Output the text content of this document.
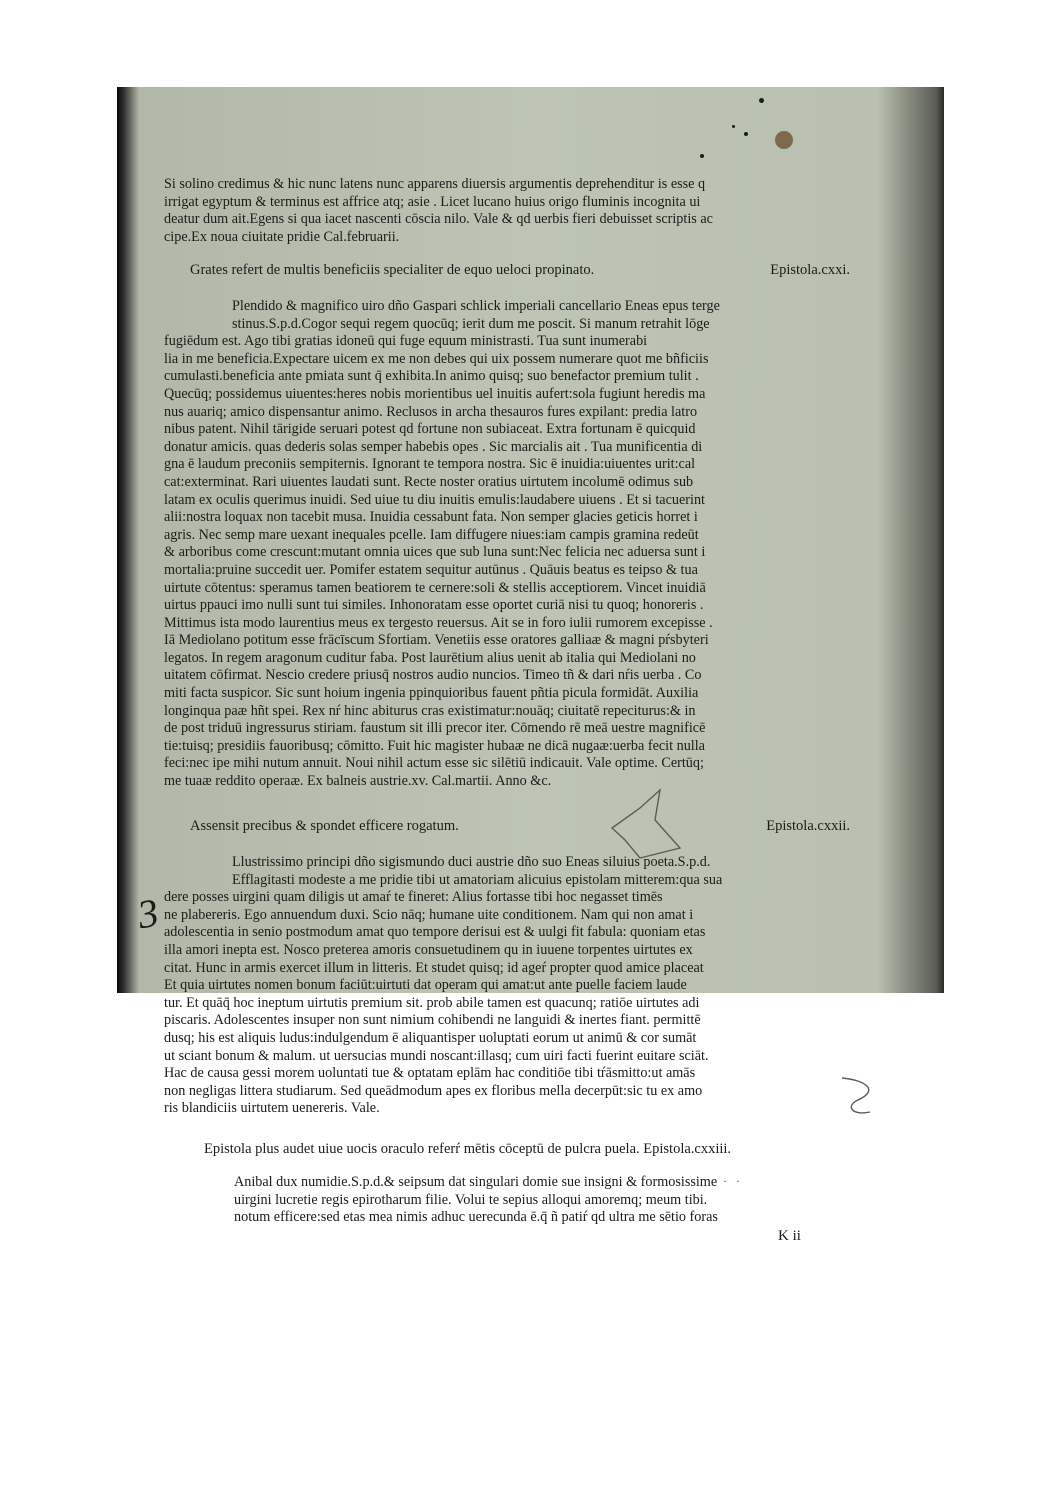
Si solino credimus & hic nunc latens nunc apparens diuersis argumentis deprehenditur is esse q
irrigat egyptum & terminus est affrice atq; asie . Licet lucano huius origo fluminis incognita ui
deatur dum ait.Egens si qua iacet nascenti cōscia nilo. Vale & qd uerbis fieri debuisset scriptis ac
cipe.Ex noua ciuitate pridie Cal.februarii.
Grates refert de multis beneficiis specialiter de equo ueloci propinato.	Epistola.cxxi.
Plendido & magnifico uiro dño Gaspari schlick imperiali cancellario Eneas epus terge
stinus.S.p.d.Cogor sequi regem quocūq; ierit dum me poscit. Si manum retrahit lōge
fugiēdum est. Ago tibi gratias idoneū qui fuge equum ministrasti. Tua sunt inumerabi
lia in me beneficia.Expectare uicem ex me non debes qui uix possem numerare quot me bñficiis
cumulasti.beneficia ante pmiata sunt q̄ exhibita.In animo quisq; suo benefactor premium tulit .
Quecūq; possidemus uiuentes:heres nobis morientibus uel inuitis aufert:sola fugiunt heredis ma
nus auariq; amico dispensantur animo. Reclusos in archa thesauros fures expilant: predia latro
nibus patent. Nihil tārigide seruari potest qd fortune non subiaceat. Extra fortunam ē quicquid
donatur amicis. quas dederis solas semper habebis opes . Sic marcialis ait . Tua munificentia di
gna ē laudum preconiis sempiternis. Ignorant te tempora nostra. Sic ē inuidia:uiuentes urit:cal
cat:exterminat. Rari uiuentes laudati sunt. Recte noster oratius uirtutem incolumē odimus sub
latam ex oculis querimus inuidi. Sed uiue tu diu inuitis emulis:laudabere uiuens . Et si tacuerint
alii:nostra loquax non tacebit musa. Inuidia cessabunt fata. Non semper glacies geticis horret i
agris. Nec semp mare uexant inequales pcelle. Iam diffugere niues:iam campis gramina redeūt
& arboribus come crescunt:mutant omnia uices que sub luna sunt:Nec felicia nec aduersa sunt i
mortalia:pruine succedit uer. Pomifer estatem sequitur autūnus . Quāuis beatus es teipso & tua
uirtute cōtentus: speramus tamen beatiorem te cernere:soli & stellis acceptiorem. Vincet inuidiā
uirtus ppauci imo nulli sunt tui similes. Inhonoratam esse oportet curiā nisi tu quoq; honoreris .
Mittimus ista modo laurentius meus ex tergesto reuersus. Ait se in foro iulii rumorem excepisse .
Iā Mediolano potitum esse frācīscum Sfortiam. Venetiis esse oratores galliaæ & magni pŕsbyteri
legatos. In regem aragonum cuditur faba. Post laurētium alius uenit ab italia qui Mediolani no
uitatem cōfirmat. Nescio credere priusq̄ nostros audio nuncios. Timeo tñ & dari nŕis uerba . Co
miti facta suspicor. Sic sunt hoium ingenia ppinquioribus fauent pñtia picula formidāt. Auxilia
longinqua paæ hñt spei. Rex nŕ hinc abiturus cras existimatur:nouāq; ciuitatē repeciturus:& in
de post triduū ingressurus stiriam. faustum sit illi precor iter. Cōmendo rē meā uestre magnificē
tie:tuisq; presidiis fauoribusq; cōmitto. Fuit hic magister hubaæ ne dicā nugaæ:uerba fecit nulla
feci:nec ipe mihi nutum annuit. Noui nihil actum esse sic silētiū indicauit. Vale optime. Certūq;
me tuaæ reddito operaæ. Ex balneis austrie.xv. Cal.martii. Anno &c.
Assensit precibus & spondet efficere rogatum.	Epistola.cxxii.
Llustrissimo principi dño sigismundo duci austrie dño suo Eneas siluius poeta.S.p.d.
Efflagitasti modeste a me pridie tibi ut amatoriam alicuius epistolam mitterem:qua sua
dere posses uirgini quam diligis ut amaŕ te fineret: Alius fortasse tibi hoc negasset timēs
ne plabereris. Ego annuendum duxi. Scio nāq; humane uite conditionem. Nam qui non amat i
adolescentia in senio postmodum amat quo tempore derisui est & uulgi fit fabula: quoniam etas
illa amori inepta est. Nosco preterea amoris consuetudinem qu in iuuene torpentes uirtutes ex
citat. Hunc in armis exercet illum in litteris. Et studet quisq; id ageŕ propter quod amice placeat
Et quia uirtutes nomen bonum faciūt:uirtuti dat operam qui amat:ut ante puelle faciem laude
tur. Et quāq̄ hoc ineptum uirtutis premium sit. prob abile tamen est quacunq; ratiōe uirtutes adi
piscaris. Adolescentes insuper non sunt nimium cohibendi ne languidi & inertes fiant. permittē
dusq; his est aliquis ludus:indulgendum ē aliquantisper uoluptati eorum ut animū & cor sumāt
ut sciant bonum & malum. ut uersucias mundi noscant:illasq; cum uiri facti fuerint euitare sciāt.
Hac de causa gessi morem uoluntati tue & optatam eplām hac conditiōe tibi tŕāsmitto:ut amās
non negligas littera studiarum. Sed queādmodum apes ex floribus mella decerpūt:sic tu ex amo
ris blandiciis uirtutem uenereris. Vale.
Epistola plus audet uiue uocis oraculo referŕ mētis cōceptū de pulcra puela. Epistola.cxxiii.
Anibal dux numidie.S.p.d.& seipsum dat singulari domie sue insigni & formosissime
uirgini lucretie regis epirotharum filie. Volui te sepius alloqui amoremq; meum tibi.
notum efficere:sed etas mea nimis adhuc uerecunda ē.q̄ ñ patiŕ qd ultra me sētio foras
· ·
K ii
3
